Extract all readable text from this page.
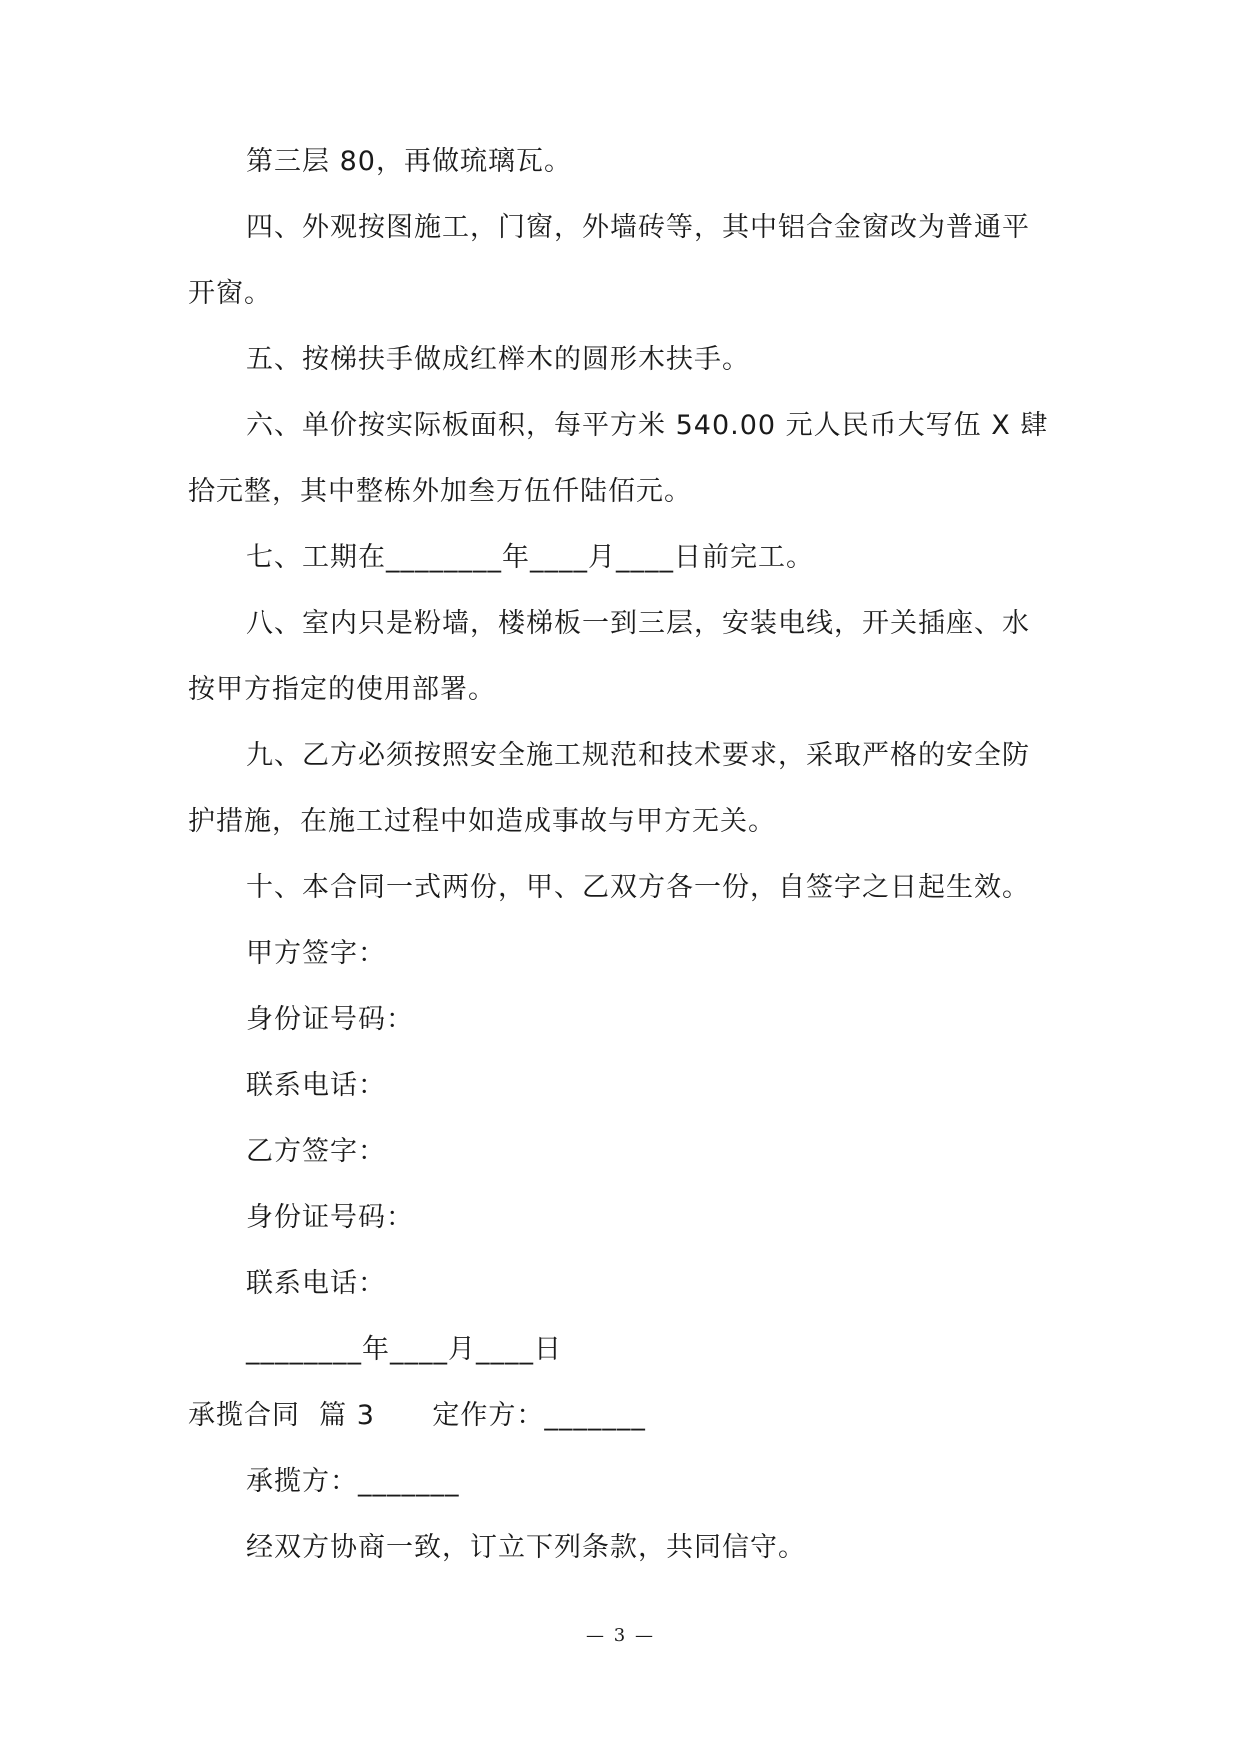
第三层 80，再做琉璃瓦。
四、外观按图施工，门窗，外墙砖等，其中铝合金窗改为普通平
开窗。
五、按梯扶手做成红榉木的圆形木扶手。
六、单价按实际板面积，每平方米 540.00 元人民币大写伍 X 肆
拾元整，其中整栋外加叁万伍仟陆佰元。
七、工期在________年____月____日前完工。
八、室内只是粉墙，楼梯板一到三层，安装电线，开关插座、水
按甲方指定的使用部署。
九、乙方必须按照安全施工规范和技术要求，采取严格的安全防
护措施，在施工过程中如造成事故与甲方无关。
十、本合同一式两份，甲、乙双方各一份，自签字之日起生效。
甲方签字：
身份证号码：
联系电话：
乙方签字：
身份证号码：
联系电话：
________年____月____日
承揽合同  篇 3      定作方：_______
承揽方：_______
经双方协商一致，订立下列条款，共同信守。
— 3 —
